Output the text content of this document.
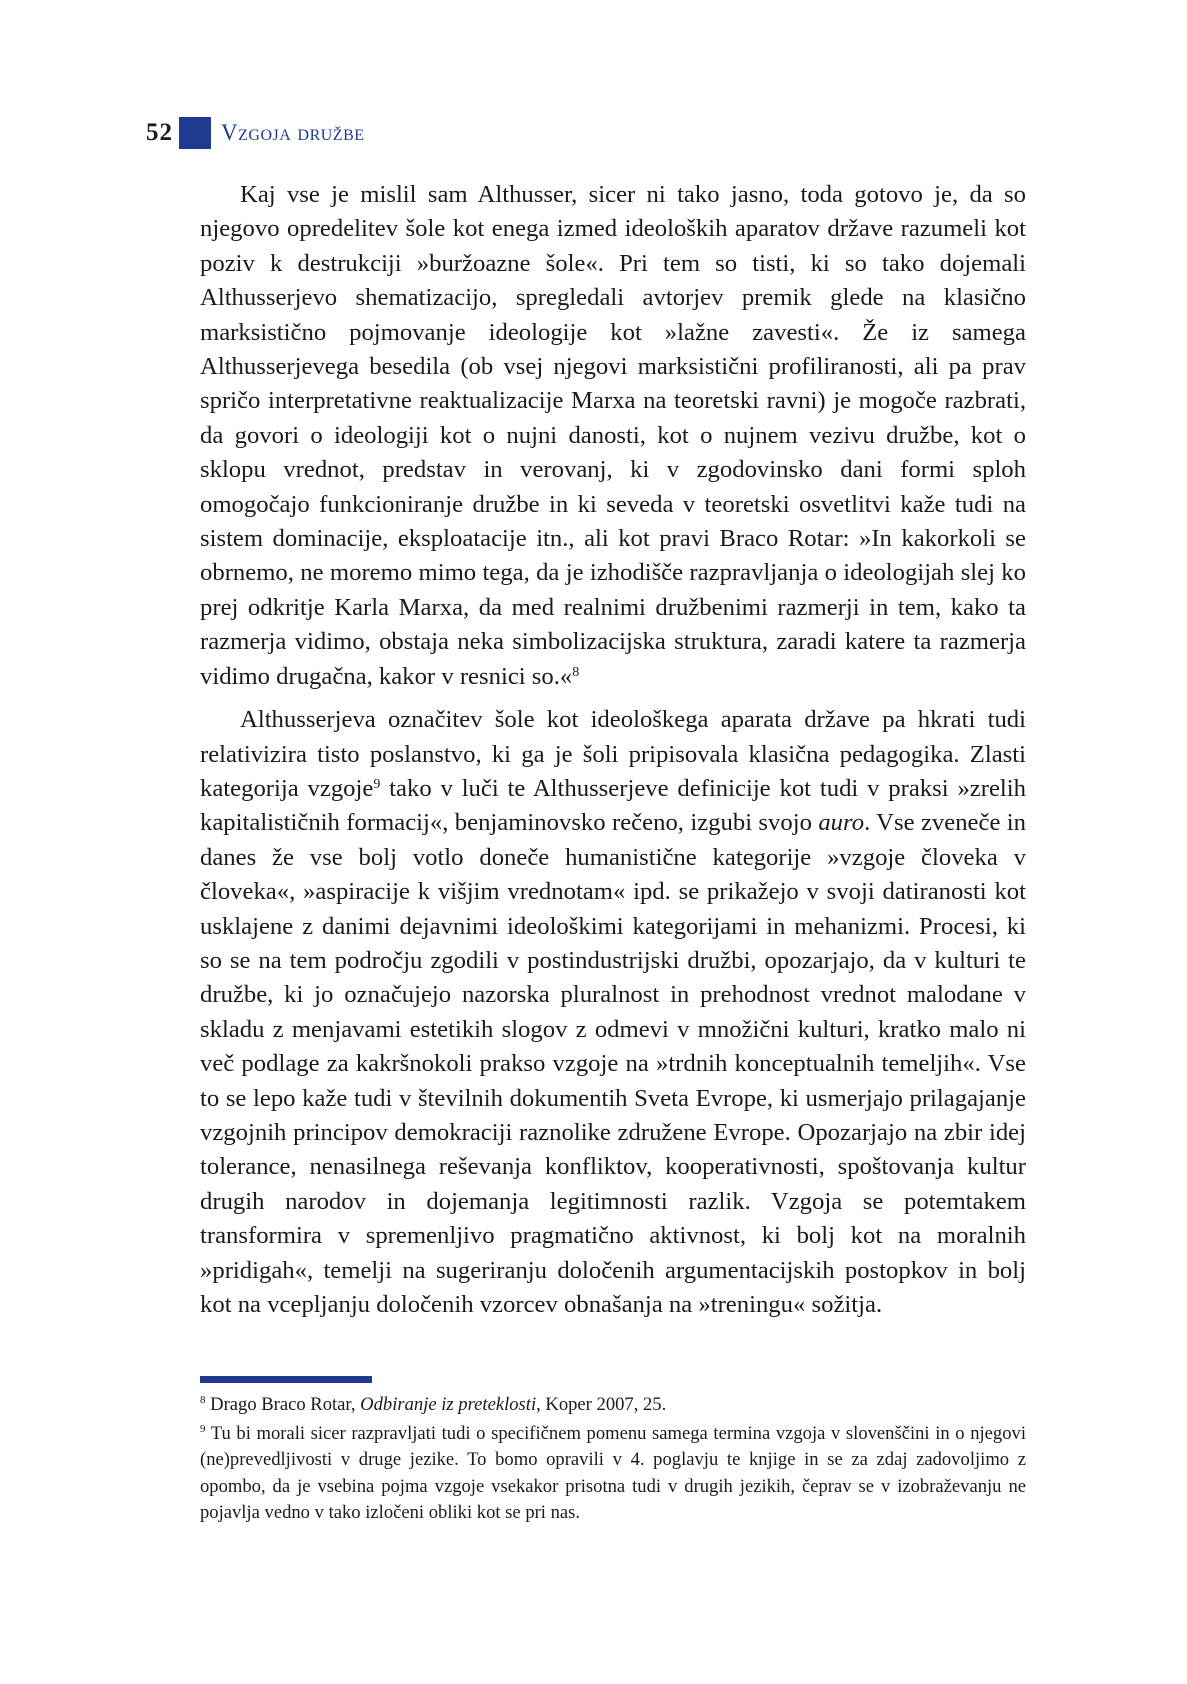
52 Vzgoja družbe

Kaj vse je mislil sam Althusser, sicer ni tako jasno, toda gotovo je, da so njegovo opredelitev šole kot enega izmed ideoloških aparatov države razumeli kot poziv k destrukciji »buržoazne šole«. Pri tem so tisti, ki so tako dojemali Althusserjevo shematizacijo, spregledali avtorjev premik glede na klasično marksistično pojmovanje ideologije kot »lažne zavesti«. Že iz samega Althusserjevega besedila (ob vsej njegovi marksistični profiliranosti, ali pa prav spričo interpretativne reaktualizacije Marxa na teoretski ravni) je mogoče razbrati, da govori o ideologiji kot o nujni danosti, kot o nujnem vezivu družbe, kot o sklopu vrednot, predstav in verovanj, ki v zgodovinsko dani formi sploh omogočajo funkcioniranje družbe in ki seveda v teoretski osvetlitvi kaže tudi na sistem dominacije, eksploatacije itn., ali kot pravi Braco Rotar: »In kakorkoli se obrnemo, ne moremo mimo tega, da je izhodišče razpravljanja o ideologijah slej ko prej odkritje Karla Marxa, da med realnimi družbenimi razmerji in tem, kako ta razmerja vidimo, obstaja neka simbolizacijska struktura, zaradi katere ta razmerja vidimo drugačna, kakor v resnici so.«$^8$

Althusserjeva označitev šole kot ideološkega aparata države pa hkrati tudi relativizira tisto poslanstvo, ki ga je šoli pripisovala klasična pedagogika. Zlasti kategorija vzgoje$^9$ tako v luči te Althusserjeve definicije kot tudi v praksi »zrelih kapitalističnih formacij«, benjaminovsko rečeno, izgubi svojo auro. Vse zveneče in danes že vse bolj votlo doneče humanistične kategorije »vzgoje človeka v človeka«, »aspiracije k višjim vrednotam« ipd. se prikažejo v svoji datiranosti kot usklajene z danimi dejavnimi ideološkimi kategorijami in mehanizmi. Procesi, ki so se na tem področju zgodili v postindustrijski družbi, opozarjajo, da v kulturi te družbe, ki jo označujejo nazorska pluralnost in prehodnost vrednot malodane v skladu z menjavami estetikih slogov z odmevi v množični kulturi, kratko malo ni več podlage za kakršnokoli prakso vzgoje na »trdnih konceptualnih temeljih«. Vse to se lepo kaže tudi v številnih dokumentih Sveta Evrope, ki usmerjajo prilagajanje vzgojnih principov demokraciji raznolike združene Evrope. Opozarjajo na zbir idej tolerance, nenasilnega reševanja konfliktov, kooperativnosti, spoštovanja kultur drugih narodov in dojemanja legitimnosti razlik. Vzgoja se potemtakem transformira v spremenljivo pragmatično aktivnost, ki bolj kot na moralnih »pridigah«, temelji na sugeriranju določenih argumentacijskih postopkov in bolj kot na vcepljanju določenih vzorcev obnašanja na »treningu« sožitja.

$^8$ Drago Braco Rotar, Odbiranje iz preteklosti, Koper 2007, 25.

$^9$ Tu bi morali sicer razpravljati tudi o specifičnem pomenu samega termina vzgoja v slovenščini in o njegovi (ne)prevedljivosti v druge jezike. To bomo opravili v 4. poglavju te knjige in se za zdaj zadovoljimo z opombo, da je vsebina pojma vzgoje vsekakor prisotna tudi v drugih jezikih, čeprav se v izobraževanju ne pojavlja vedno v tako izločeni obliki kot se pri nas.
